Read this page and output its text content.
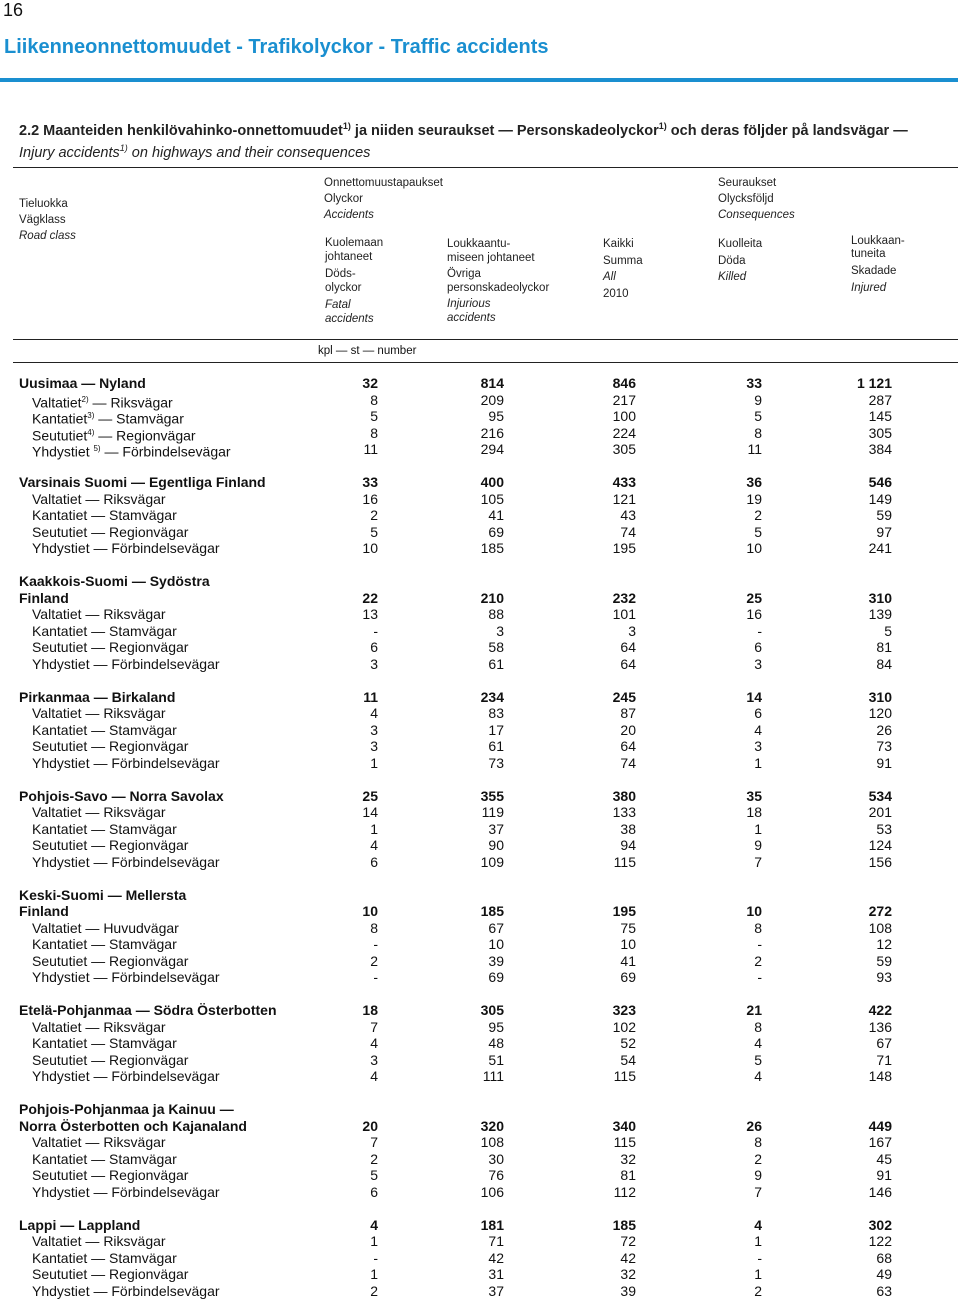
16
Liikenneonnettomuudet - Trafikolyckor - Traffic accidents
2.2 Maanteiden henkilövahinko-onnettomuudet$^{1)}$ ja niiden seuraukset — Personskadeolyckor$^{1)}$ och deras följder på landsvägar — Injury accidents$^{1)}$ on highways and their consequences
Tieluokka
Vägklass
Road class
Onnettomuustapaukset
Olyckor
Accidents
Seuraukset
Olycksföljd
Consequences
Kuolemaan
johtaneet
Döds-
olyckor
Fatal
accidents
Loukkaantu-
miseen johtaneet
Övriga
personskadeolyckor
Injurious
accidents
Kaikki
Summa
All
2010
Kuolleita
Döda
Killed
Loukkaan-
tuneita
Skadade
Injured
kpl — st — number
Uusimaa — Nyland	32	814	846	33	1 121
Valtatiet$^{2)}$ — Riksvägar	8	209	217	9	287
Kantatiet$^{3)}$ — Stamvägar	5	95	100	5	145
Seututiet$^{4)}$ — Regionvägar	8	216	224	8	305
Yhdystiet $^{5)}$ — Förbindelsevägar	11	294	305	11	384
Varsinais Suomi — Egentliga Finland	33	400	433	36	546
Valtatiet — Riksvägar	16	105	121	19	149
Kantatiet — Stamvägar	2	41	43	2	59
Seututiet — Regionvägar	5	69	74	5	97
Yhdystiet — Förbindelsevägar	10	185	195	10	241
Kaakkois-Suomi — Sydöstra
Finland	22	210	232	25	310
Valtatiet — Riksvägar	13	88	101	16	139
Kantatiet — Stamvägar	-	3	3	-	5
Seututiet — Regionvägar	6	58	64	6	81
Yhdystiet — Förbindelsevägar	3	61	64	3	84
Pirkanmaa — Birkaland	11	234	245	14	310
Valtatiet — Riksvägar	4	83	87	6	120
Kantatiet — Stamvägar	3	17	20	4	26
Seututiet — Regionvägar	3	61	64	3	73
Yhdystiet — Förbindelsevägar	1	73	74	1	91
Pohjois-Savo — Norra Savolax	25	355	380	35	534
Valtatiet — Riksvägar	14	119	133	18	201
Kantatiet — Stamvägar	1	37	38	1	53
Seututiet — Regionvägar	4	90	94	9	124
Yhdystiet — Förbindelsevägar	6	109	115	7	156
Keski-Suomi — Mellersta
Finland	10	185	195	10	272
Valtatiet — Huvudvägar	8	67	75	8	108
Kantatiet — Stamvägar	-	10	10	-	12
Seututiet — Regionvägar	2	39	41	2	59
Yhdystiet — Förbindelsevägar	-	69	69	-	93
Etelä-Pohjanmaa — Södra Österbotten	18	305	323	21	422
Valtatiet — Riksvägar	7	95	102	8	136
Kantatiet — Stamvägar	4	48	52	4	67
Seututiet — Regionvägar	3	51	54	5	71
Yhdystiet — Förbindelsevägar	4	111	115	4	148
Pohjois-Pohjanmaa ja Kainuu —
Norra Österbotten och Kajanaland	20	320	340	26	449
Valtatiet — Riksvägar	7	108	115	8	167
Kantatiet — Stamvägar	2	30	32	2	45
Seututiet — Regionvägar	5	76	81	9	91
Yhdystiet — Förbindelsevägar	6	106	112	7	146
Lappi — Lappland	4	181	185	4	302
Valtatiet — Riksvägar	1	71	72	1	122
Kantatiet — Stamvägar	-	42	42	-	68
Seututiet — Regionvägar	1	31	32	1	49
Yhdystiet — Förbindelsevägar	2	37	39	2	63
